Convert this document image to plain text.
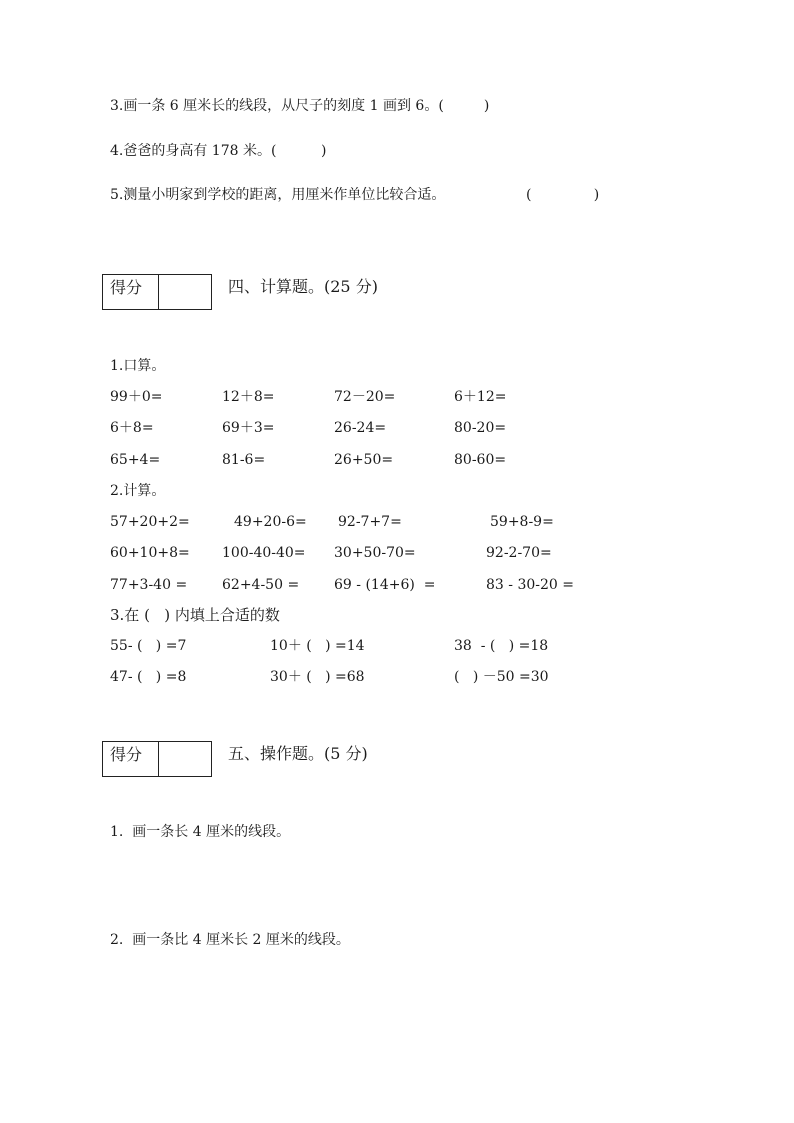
3.画一条 6 厘米长的线段，从尺子的刻度 1 画到 6。(         )
4.爸爸的身高有 178 米。(          )
5.测量小明家到学校的距离，用厘米作单位比较合适。	(              )
得分	四、计算题。(25 分)
1.口算。
99＋0=	12＋8=	72－20=	6＋12=
6＋8=	69＋3=	26-24=	80-20=
65+4=	81-6=	26+50=	80-60=
2.计算。
57+20+2=	49+20-6= 92-7+7=	59+8-9=
60+10+8= 100-40-40= 30+50-70=	92-2-70=
77+3-40 = 62+4-50 = 69 - (14+6)  =	83 - 30-20 =
3.在 (   ) 内填上合适的数
55- (   ) =7	10＋ (   ) =14	38  - (   ) =18
47- (   ) =8	30＋ (   ) =68	(   ) －50 =30
得分	五、操作题。(5 分)
1.  画一条长 4 厘米的线段。
2.  画一条比 4 厘米长 2 厘米的线段。
